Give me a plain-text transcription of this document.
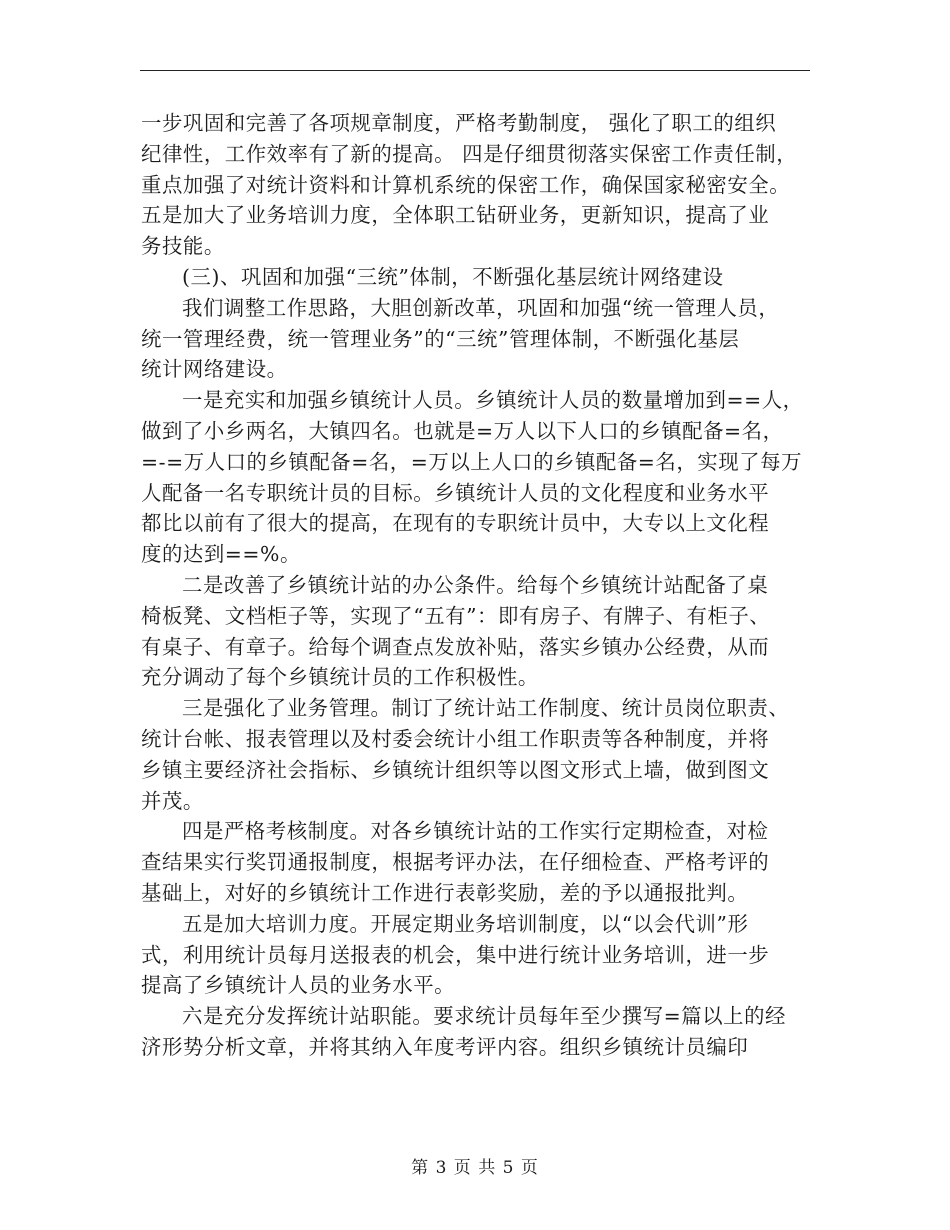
一步巩固和完善了各项规章制度，严格考勤制度， 强化了职工的组织
纪律性，工作效率有了新的提高。 四是仔细贯彻落实保密工作责任制，
重点加强了对统计资料和计算机系统的保密工作，确保国家秘密安全。
五是加大了业务培训力度，全体职工钻研业务，更新知识，提高了业
务技能。
(三)、巩固和加强“三统”体制，不断强化基层统计网络建设
我们调整工作思路，大胆创新改革，巩固和加强“统一管理人员，
统一管理经费，统一管理业务”的“三统”管理体制，不断强化基层
统计网络建设。
一是充实和加强乡镇统计人员。乡镇统计人员的数量增加到==人，
做到了小乡两名，大镇四名。也就是=万人以下人口的乡镇配备=名，
=-=万人口的乡镇配备=名，=万以上人口的乡镇配备=名，实现了每万
人配备一名专职统计员的目标。乡镇统计人员的文化程度和业务水平
都比以前有了很大的提高，在现有的专职统计员中，大专以上文化程
度的达到==%。
二是改善了乡镇统计站的办公条件。给每个乡镇统计站配备了桌
椅板凳、文档柜子等，实现了“五有”：即有房子、有牌子、有柜子、
有桌子、有章子。给每个调查点发放补贴，落实乡镇办公经费，从而
充分调动了每个乡镇统计员的工作积极性。
三是强化了业务管理。制订了统计站工作制度、统计员岗位职责、
统计台帐、报表管理以及村委会统计小组工作职责等各种制度，并将
乡镇主要经济社会指标、乡镇统计组织等以图文形式上墙，做到图文
并茂。
四是严格考核制度。对各乡镇统计站的工作实行定期检查，对检
查结果实行奖罚通报制度，根据考评办法，在仔细检查、严格考评的
基础上，对好的乡镇统计工作进行表彰奖励，差的予以通报批判。
五是加大培训力度。开展定期业务培训制度，以“以会代训”形
式，利用统计员每月送报表的机会，集中进行统计业务培训，进一步
提高了乡镇统计人员的业务水平。
六是充分发挥统计站职能。要求统计员每年至少撰写=篇以上的经
济形势分析文章，并将其纳入年度考评内容。组织乡镇统计员编印
第 3 页 共 5 页
